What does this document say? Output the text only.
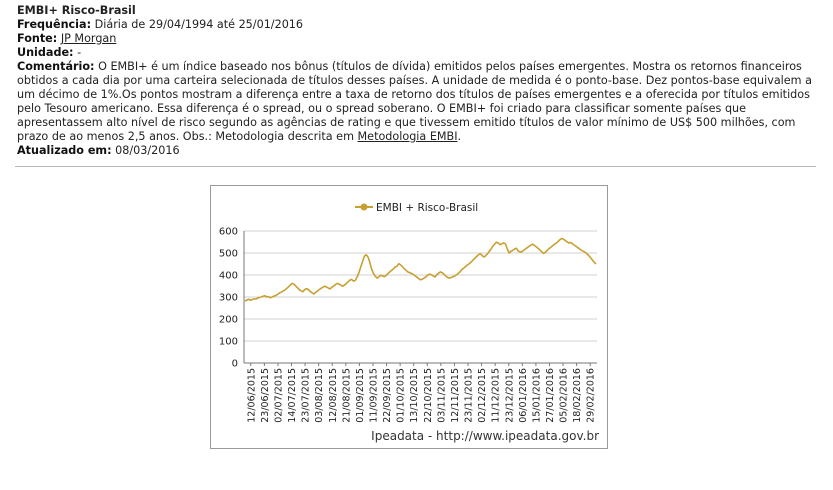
EMBI+ Risco-Brasil
Frequência: Diária de 29/04/1994 até 25/01/2016
Fonte: JP Morgan
Unidade: -
Comentário: O EMBI+ é um índice baseado nos bônus (títulos de dívida) emitidos pelos países emergentes. Mostra os retornos financeiros obtidos a cada dia por uma carteira selecionada de títulos desses países. A unidade de medida é o ponto-base. Dez pontos-base equivalem a um décimo de 1%.Os pontos mostram a diferença entre a taxa de retorno dos títulos de países emergentes e a oferecida por títulos emitidos pelo Tesouro americano. Essa diferença é o spread, ou o spread soberano. O EMBI+ foi criado para classificar somente países que apresentassem alto nível de risco segundo as agências de rating e que tivessem emitido títulos de valor mínimo de US$ 500 milhões, com prazo de ao menos 2,5 anos. Obs.: Metodologia descrita em Metodologia EMBI.
Atualizado em: 08/03/2016
EMBI + Risco-Brasil
0
100
200
300
400
500
600
12/06/2015 23/06/2015 02/07/2015 14/07/2015 23/07/2015 03/08/2015 12/08/2015 21/08/2015 01/09/2015 11/09/2015 22/09/2015 01/10/2015 13/10/2015 22/10/2015 03/11/2015 12/11/2015 23/11/2015 02/12/2015 11/12/2015 23/12/2015 06/01/2016 15/01/2016 27/01/2016 05/02/2016 18/02/2016 29/02/2016
Ipeadata - http://www.ipeadata.gov.br
